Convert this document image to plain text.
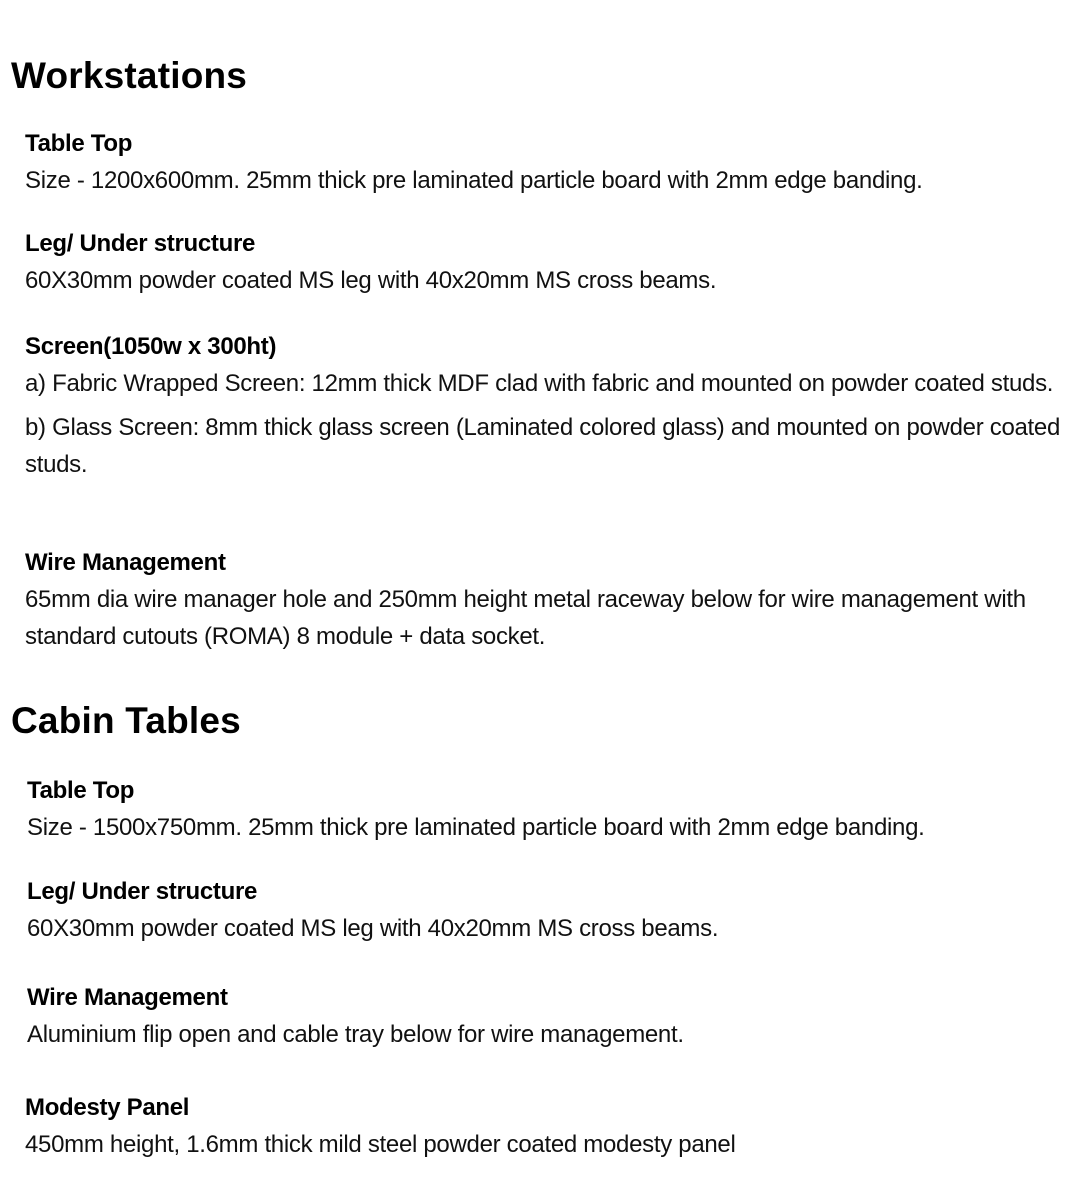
Workstations
Table Top
Size - 1200x600mm. 25mm thick pre laminated particle board with 2mm edge banding.
Leg/ Under structure
60X30mm powder coated MS leg with 40x20mm MS cross beams.
Screen(1050w x 300ht)
a) Fabric Wrapped Screen: 12mm thick MDF clad with fabric and mounted on powder coated studs.
b) Glass Screen: 8mm thick glass screen (Laminated colored glass) and mounted on powder coated studs.
Wire Management
65mm dia wire manager hole and 250mm height metal raceway below for wire management with standard cutouts (ROMA) 8 module + data socket.
Cabin Tables
Table Top
Size - 1500x750mm. 25mm thick pre laminated particle board with 2mm edge banding.
Leg/ Under structure
60X30mm powder coated MS leg with 40x20mm MS cross beams.
Wire Management
Aluminium flip open and cable tray below for wire management.
Modesty Panel
450mm height, 1.6mm thick mild steel powder coated modesty panel
